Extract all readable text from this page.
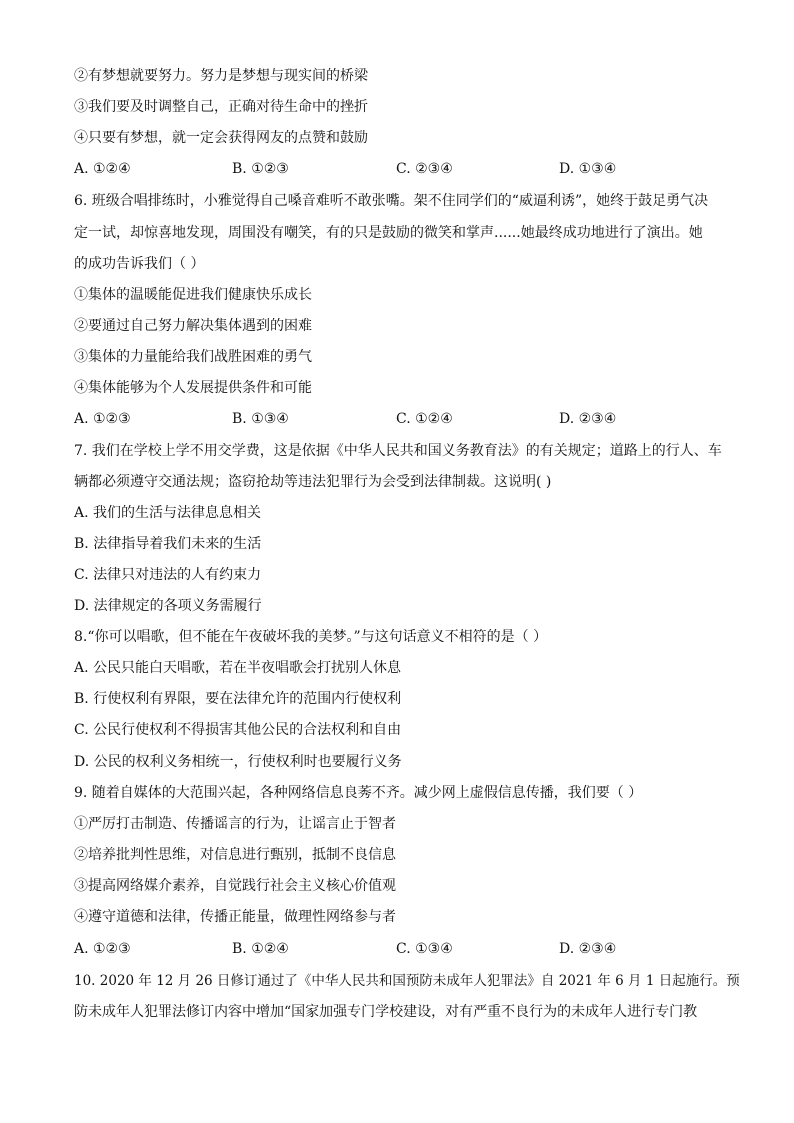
②有梦想就要努力。努力是梦想与现实间的桥梁
③我们要及时调整自己，正确对待生命中的挫折
④只要有梦想，就一定会获得网友的点赞和鼓励
A. ①②④	B. ①②③	C. ②③④	D. ①③④
6. 班级合唱排练时，小雅觉得自己嗓音难听不敢张嘴。架不住同学们的“威逼利诱”，她终于鼓足勇气决
定一试，却惊喜地发现，周围没有嘲笑，有的只是鼓励的微笑和掌声......她最终成功地进行了演出。她
的成功告诉我们（ ）
①集体的温暖能促进我们健康快乐成长
②要通过自己努力解决集体遇到的困难
③集体的力量能给我们战胜困难的勇气
④集体能够为个人发展提供条件和可能
A. ①②③	B. ①③④	C. ①②④	D. ②③④
7. 我们在学校上学不用交学费，这是依据《中华人民共和国义务教育法》的有关规定；道路上的行人、车
辆都必须遵守交通法规；盗窃抢劫等违法犯罪行为会受到法律制裁。这说明( )
A. 我们的生活与法律息息相关
B. 法律指导着我们未来的生活
C. 法律只对违法的人有约束力
D. 法律规定的各项义务需履行
8.“你可以唱歌，但不能在午夜破坏我的美梦。”与这句话意义不相符的是（ ）
A. 公民只能白天唱歌，若在半夜唱歌会打扰别人休息
B. 行使权利有界限，要在法律允许的范围内行使权利
C. 公民行使权利不得损害其他公民的合法权利和自由
D. 公民的权利义务相统一，行使权利时也要履行义务
9. 随着自媒体的大范围兴起，各种网络信息良莠不齐。减少网上虚假信息传播，我们要（ ）
①严厉打击制造、传播谣言的行为，让谣言止于智者
②培养批判性思维，对信息进行甄别，抵制不良信息
③提高网络媒介素养，自觉践行社会主义核心价值观
④遵守道德和法律，传播正能量，做理性网络参与者
A. ①②③	B. ①②④	C. ①③④	D. ②③④
10. 2020 年 12 月 26 日修订通过了《中华人民共和国预防未成年人犯罪法》自 2021 年 6 月 1 日起施行。预
防未成年人犯罪法修订内容中增加“国家加强专门学校建设，对有严重不良行为的未成年人进行专门教
